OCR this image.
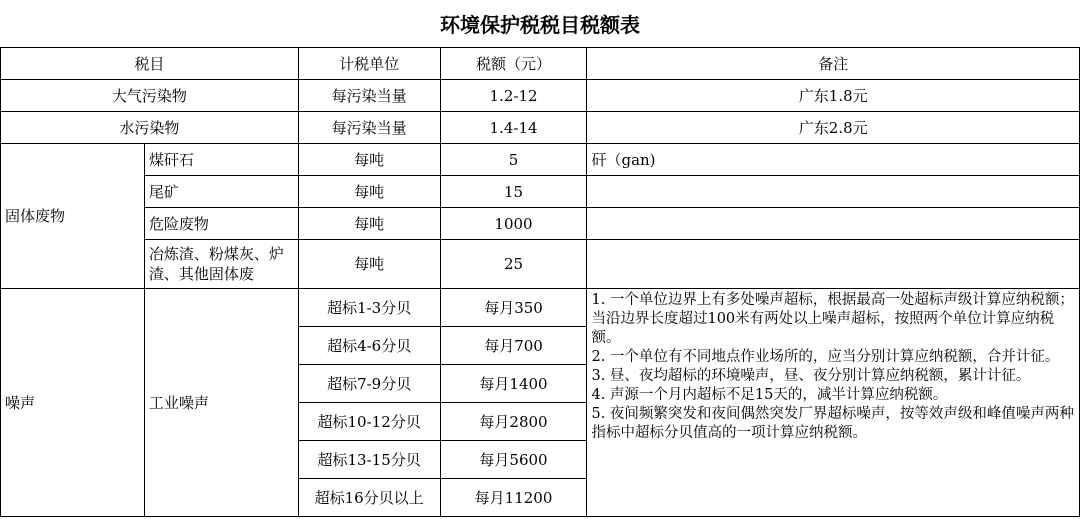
环境保护税税目税额表
税目		计税单位	税额（元）	备注
大气污染物		每污染当量	1.2-12	广东1.8元
水污染物		每污染当量	1.4-14	广东2.8元
固体废物	煤矸石	每吨	5	矸（gan)
	尾矿	每吨	15	
	危险废物	每吨	1000	
	冶炼渣、粉煤灰、炉渣、其他固体废	每吨	25	
噪声	工业噪声	超标1-3分贝	每月350	1. 一个单位边界上有多处噪声超标，根据最高一处超标声级计算应纳税额；当沿边界长度超过100米有两处以上噪声超标，按照两个单位计算应纳税额。
2. 一个单位有不同地点作业场所的，应当分别计算应纳税额，合并计征。
3. 昼、夜均超标的环境噪声，昼、夜分别计算应纳税额，累计计征。
4. 声源一个月内超标不足15天的，减半计算应纳税额。
5. 夜间频繁突发和夜间偶然突发厂界超标噪声，按等效声级和峰值噪声两种指标中超标分贝值高的一项计算应纳税额。

		超标4-6分贝	每月700	
		超标7-9分贝	每月1400	
		超标10-12分贝	每月2800	
		超标13-15分贝	每月5600	
		超标16分贝以上	每月11200	
